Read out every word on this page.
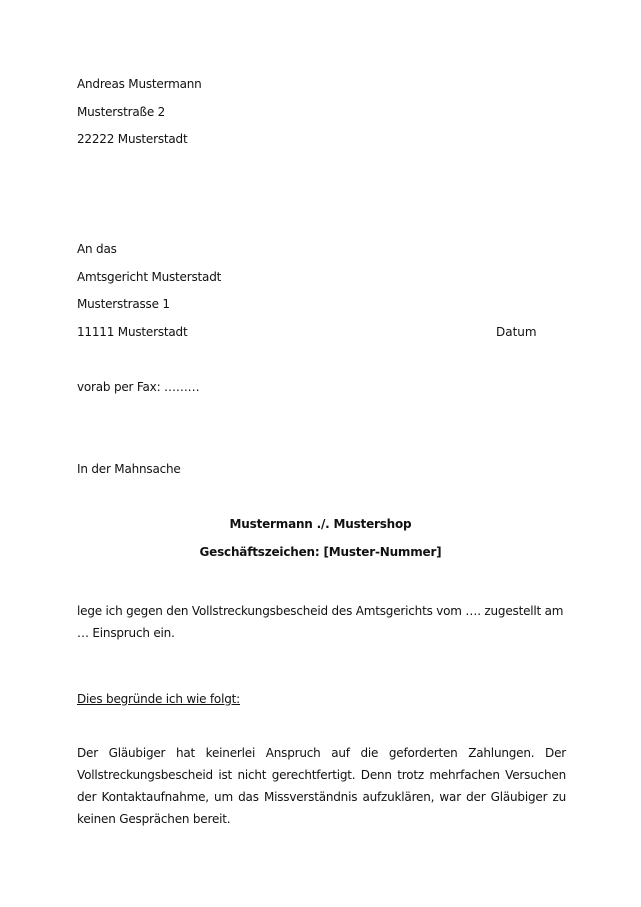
Andreas Mustermann
Musterstraße 2
22222 Musterstadt
An das
Amtsgericht Musterstadt
Musterstrasse 1
11111 Musterstadt	Datum
vorab per Fax: ………
In der Mahnsache
Mustermann ./. Mustershop
Geschäftszeichen: [Muster-Nummer]
lege ich gegen den Vollstreckungsbescheid des Amtsgerichts vom …. zugestellt am … Einspruch ein.
Dies begründe ich wie folgt:
Der Gläubiger hat keinerlei Anspruch auf die geforderten Zahlungen. Der Vollstreckungsbescheid ist nicht gerechtfertigt. Denn trotz mehrfachen Versuchen der Kontaktaufnahme, um das Missverständnis aufzuklären, war der Gläubiger zu keinen Gesprächen bereit.
